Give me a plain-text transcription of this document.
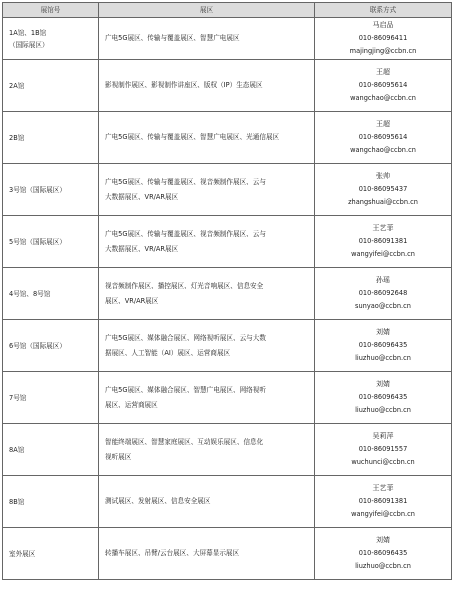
展馆号	展区	联系方式

1A馆、1B馆
（国际展区）	广电5G展区、传输与覆盖展区、智慧广电展区	马启品
010-86096411
majingjing@ccbn.cn

2A馆	影视制作展区、影视制作讲座区、版权（IP）生态展区	王超
010-86095614
wangchao@ccbn.cn

2B馆	广电5G展区、传输与覆盖展区、智慧广电展区、光通信展区	王超
010-86095614
wangchao@ccbn.cn

3号馆（国际展区）	广电5G展区、传输与覆盖展区、视音频制作展区、云与
大数据展区、VR/AR展区	张帅
010-86095437
zhangshuai@ccbn.cn

5号馆（国际展区）	广电5G展区、传输与覆盖展区、视音频制作展区、云与
大数据展区、VR/AR展区	王艺菲
010-86091381
wangyifei@ccbn.cn

4号馆、8号馆	视音频制作展区、播控展区、灯光音响展区、信息安全
展区、VR/AR展区	孙瑶
010-86092648
sunyao@ccbn.cn

6号馆（国际展区）	广电5G展区、媒体融合展区、网络视听展区、云与大数
据展区、人工智能（AI）展区、运营商展区	刘婧
010-86096435
liuzhuo@ccbn.cn

7号馆	广电5G展区、媒体融合展区、智慧广电展区、网络视听
展区、运营商展区	刘婧
010-86096435
liuzhuo@ccbn.cn

8A馆	智能终端展区、智慧家庭展区、互动娱乐展区、信息化
视听展区	吴莉萍
010-86091557
wuchunci@ccbn.cn

8B馆	测试展区、发射展区、信息安全展区	王艺菲
010-86091381
wangyifei@ccbn.cn

室外展区	转播车展区、吊臂/云台展区、大屏幕显示展区	刘婧
010-86096435
liuzhuo@ccbn.cn
